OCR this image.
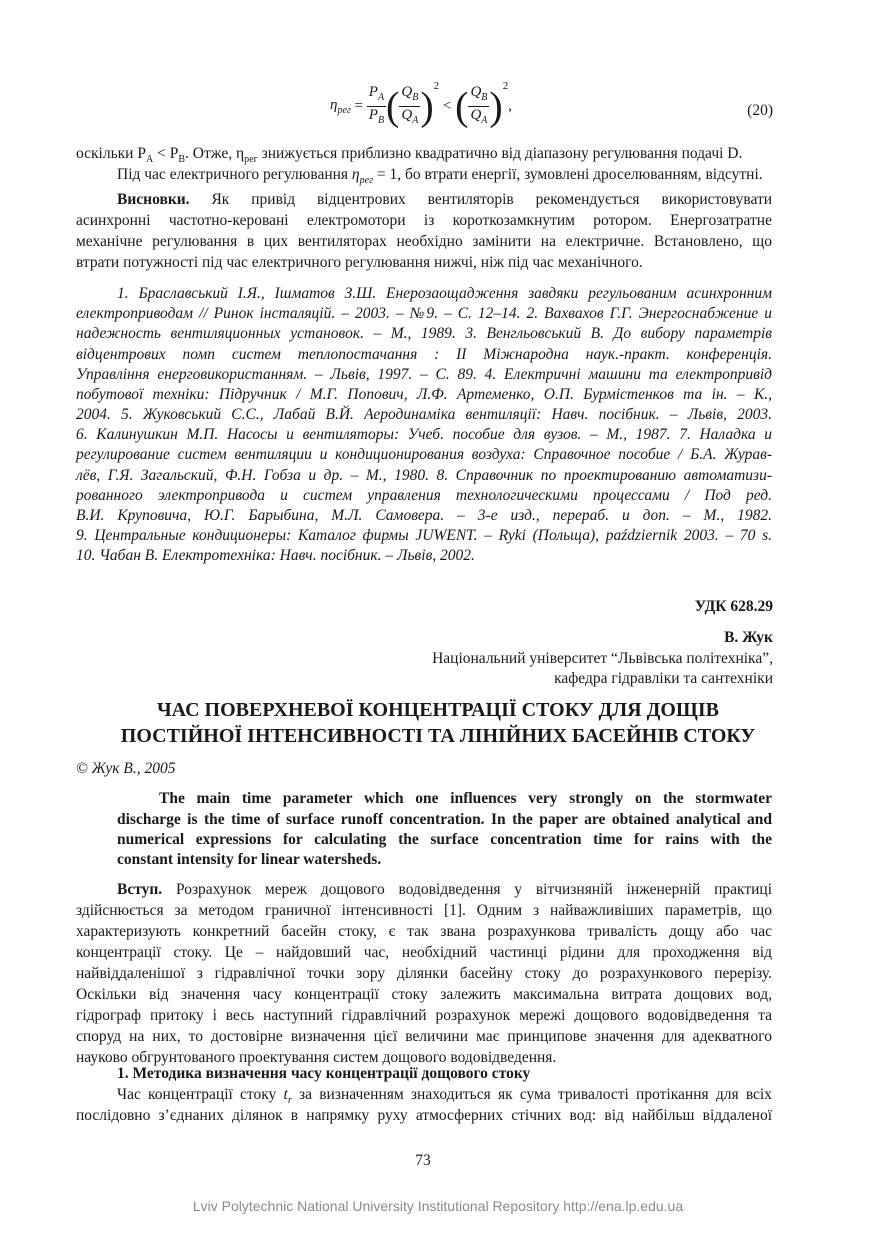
$\eta_{рег} = \frac{P_A}{P_B}$ ( $\frac{Q_B}{Q_A} )^2$ < ( $\frac{Q_B}{Q_A} )^2$,	(20)
оскільки $P_A < P_B$. Отже, $\eta_{рег}$ знижується приблизно квадратично від діапазону регулювання подачі D.
Під час електричного регулювання $\eta_{рег} = 1$, бо втрати енергії, зумовлені дроселюванням, відсутні.
Висновки. Як привід відцентрових вентиляторів рекомендується використовувати
асинхронні частотно-керовані електромотори із короткозамкнутим ротором. Енергозатратне
механічне регулювання в цих вентиляторах необхідно замінити на електричне. Встановлено, що
втрати потужності під час електричного регулювання нижчі, ніж під час механічного.
1. Браславський І.Я., Ішматов З.Ш. Енерозаощадження завдяки регульованим асинхронним
електроприводам // Ринок інсталяцій. – 2003. – №9. – С. 12–14. 2. Вахвахов Г.Г. Энергоснабжение и
надежность вентиляционных установок. – М., 1989. 3. Венгльовський В. До вибору параметрів
відцентрових помп систем теплопостачання : ІІ Міжнародна наук.-практ. конференція.
Управління енерговикористанням. – Львів, 1997. – С. 89. 4. Електричні машини та електропривід
побутової техніки: Підручник / М.Г. Попович, Л.Ф. Артеменко, О.П. Бурмістенков та ін. – К.,
2004. 5. Жуковський С.С., Лабай В.Й. Аеродинаміка вентиляції: Навч. посібник. – Львів, 2003.
6. Калинушкин М.П. Насосы и вентиляторы: Учеб. пособие для вузов. – М., 1987. 7. Наладка и
регулирование систем вентиляции и кондиционирования воздуха: Справочное пособие / Б.А. Журав-
лёв, Г.Я. Загальский, Ф.Н. Гобза и др. – М., 1980. 8. Справочник по проектированию автоматизи-
рованного электропривода и систем управления технологическими процессами / Под ред.
В.И. Круповича, Ю.Г. Барыбина, М.Л. Самовера. – 3-е изд., перераб. и доп. – М., 1982.
9. Центральные кондиционеры: Каталог фирмы JUWENT. – Ryki (Польща), październik 2003. – 70 s.
10. Чабан В. Електротехніка: Навч. посібник. – Львів, 2002.
УДК 628.29
В. Жук
Національний університет “Львівська політехніка”,
кафедра гідравліки та сантехніки
ЧАС ПОВЕРХНЕВОЇ КОНЦЕНТРАЦІЇ СТОКУ ДЛЯ ДОЩІВ
ПОСТІЙНОЇ ІНТЕНСИВНОСТІ ТА ЛІНІЙНИХ БАСЕЙНІВ СТОКУ
© Жук В., 2005
The main time parameter which one influences very strongly on the stormwater
discharge is the time of surface runoff concentration. In the paper are obtained analytical and
numerical expressions for calculating the surface concentration time for rains with the
constant intensity for linear watersheds.
Вступ. Розрахунок мереж дощового водовідведення у вітчизняній інженерній практиці
здійснюється за методом граничної інтенсивності [1]. Одним з найважливіших параметрів, що
характеризують конкретний басейн стоку, є так звана розрахункова тривалість дощу або час
концентрації стоку. Це – найдовший час, необхідний частинці рідини для проходження від
найвіддаленішої з гідравлічної точки зору ділянки басейну стоку до розрахункового перерізу.
Оскільки від значення часу концентрації стоку залежить максимальна витрата дощових вод,
гідрограф притоку і весь наступний гідравлічний розрахунок мережі дощового водовідведення та
споруд на них, то достовірне визначення цієї величини має принципове значення для адекватного
науково обгрунтованого проектування систем дощового водовідведення.
1. Методика визначення часу концентрації дощового стоку
Час концентрації стоку $t_r$ за визначенням знаходиться як сума тривалості протікання для всіх
послідовно з’єднаних ділянок в напрямку руху атмосферних стічних вод: від найбільш віддаленої
73
Lviv Polytechnic National University Institutional Repository http://ena.lp.edu.ua
